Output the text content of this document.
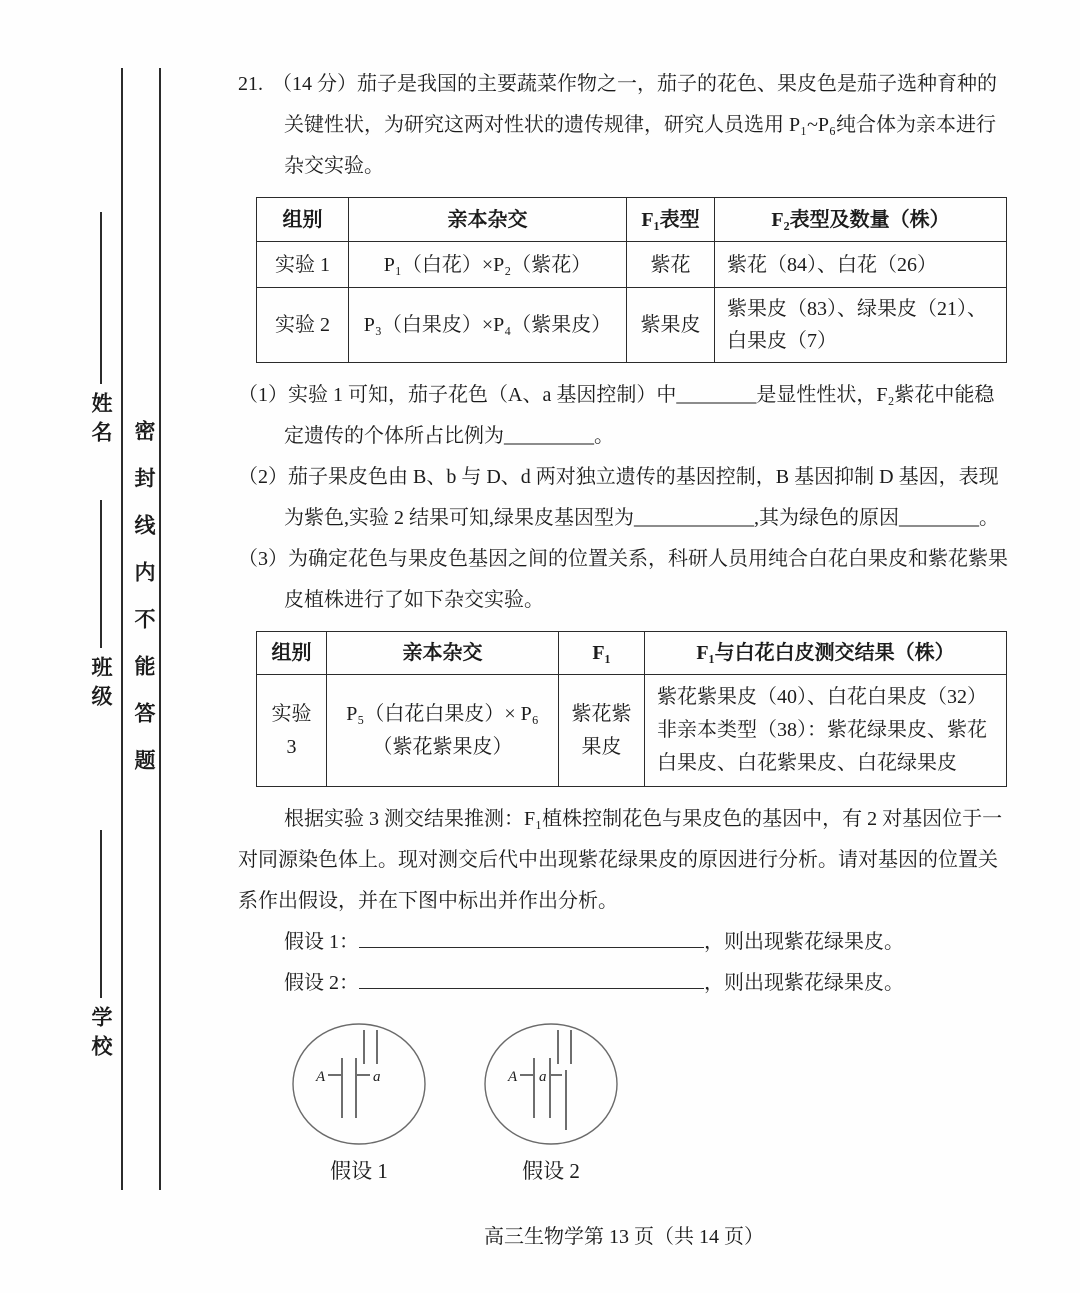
密封线内不能答题
姓名
班级
学校

21. （14 分）茄子是我国的主要蔬菜作物之一，茄子的花色、果皮色是茄子选种育种的关键性状，为研究这两对性状的遗传规律，研究人员选用 P₁~P₆纯合体为亲本进行杂交实验。

组别	亲本杂交	F₁表型	F₂表型及数量（株）
实验 1	P₁（白花）×P₂（紫花）	紫花	紫花（84）、白花（26）
实验 2	P₃（白果皮）×P₄（紫果皮）	紫果皮	紫果皮（83）、绿果皮（21）、白果皮（7）

（1）实验 1 可知，茄子花色（A、a 基因控制）中________是显性性状，F₂紫花中能稳定遗传的个体所占比例为_________。

（2）茄子果皮色由 B、b 与 D、d 两对独立遗传的基因控制，B 基因抑制 D 基因，表现为紫色,实验 2 结果可知,绿果皮基因型为____________,其为绿色的原因________。

（3）为确定花色与果皮色基因之间的位置关系，科研人员用纯合白花白果皮和紫花紫果皮植株进行了如下杂交实验。

组别	亲本杂交	F₁	F₁与白花白皮测交结果（株）
实验 3	P₅（白花白果皮）× P₆（紫花紫果皮）	紫花紫果皮	紫花紫果皮（40）、白花白果皮（32）非亲本类型（38）：紫花绿果皮、紫花白果皮、白花紫果皮、白花绿果皮

根据实验 3 测交结果推测：F₁植株控制花色与果皮色的基因中，有 2 对基因位于一对同源染色体上。现对测交后代中出现紫花绿果皮的原因进行分析。请对基因的位置关系作出假设，并在下图中标出并作出分析。

假设 1：	，则出现紫花绿果皮。

假设 2：	，则出现紫花绿果皮。

A	a
假设 1
A a
假设 2
高三生物学第 13 页（共 14 页）
